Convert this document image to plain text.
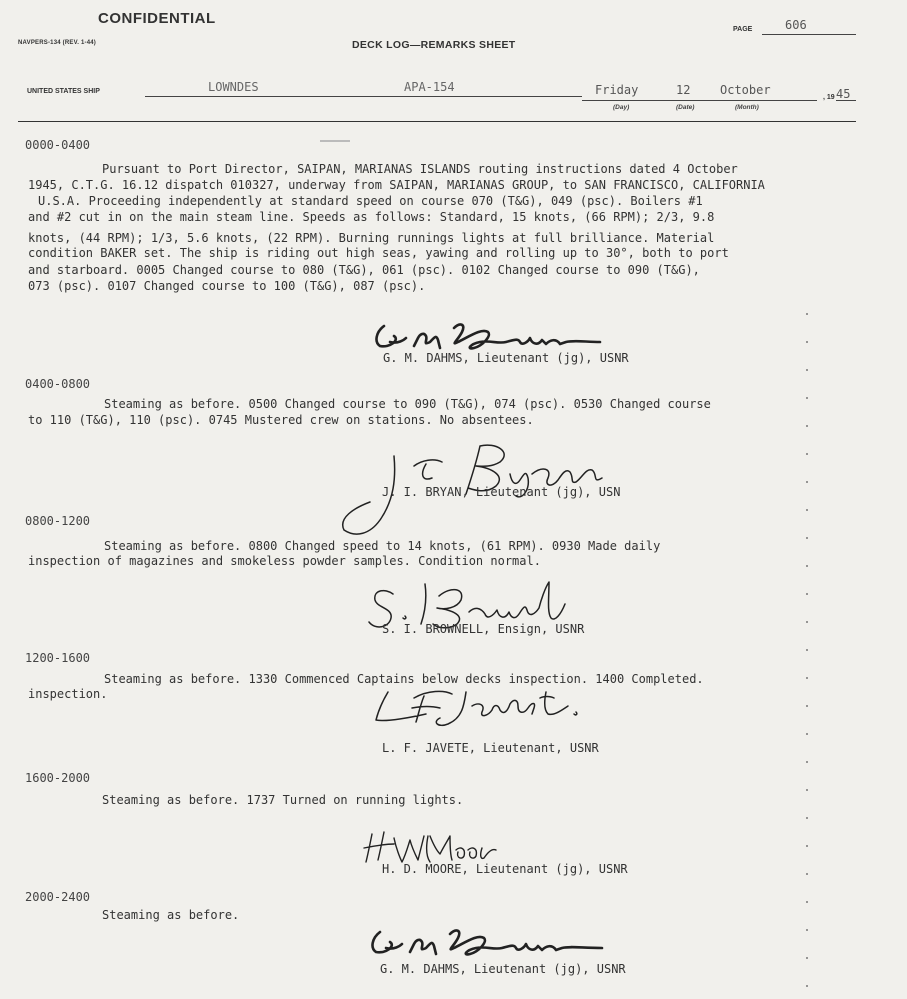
CONFIDENTIAL
NAVPERS-134 (REV. 1-44)	DECK LOG—REMARKS SHEET
PAGE	606
UNITED STATES SHIP	LOWNDES	APA-154	Friday	12 October
, 19 45
(Day)	(Date)	(Month)
0000-0400
Pursuant to Port Director, SAIPAN, MARIANAS ISLANDS routing instructions dated 4 October
1945, C.T.G. 16.12 dispatch 010327, underway from SAIPAN, MARIANAS GROUP, to SAN FRANCISCO, CALIFORNIA
U.S.A. Proceeding independently at standard speed on course 070 (T&G), 049 (psc). Boilers #1
and #2 cut in on the main steam line. Speeds as follows: Standard, 15 knots, (66 RPM); 2/3, 9.8
knots, (44 RPM); 1/3, 5.6 knots, (22 RPM). Burning runnings lights at full brilliance. Material
condition BAKER set. The ship is riding out high seas, yawing and rolling up to 30°, both to port
and starboard. 0005 Changed course to 080 (T&G), 061 (psc). 0102 Changed course to 090 (T&G),
073 (psc). 0107 Changed course to 100 (T&G), 087 (psc).
G. M. DAHMS, Lieutenant (jg), USNR
0400-0800
Steaming as before. 0500 Changed course to 090 (T&G), 074 (psc). 0530 Changed course
to 110 (T&G), 110 (psc). 0745 Mustered crew on stations. No absentees.
J. I. BRYAN, Lieutenant (jg), USN
0800-1200
Steaming as before. 0800 Changed speed to 14 knots, (61 RPM). 0930 Made daily
inspection of magazines and smokeless powder samples. Condition normal.
S. I. BROWNELL, Ensign, USNR
1200-1600
Steaming as before. 1330 Commenced Captains below decks inspection. 1400 Completed.
inspection.
L. F. JAVETE, Lieutenant, USNR
1600-2000
Steaming as before. 1737 Turned on running lights.
H. D. MOORE, Lieutenant (jg), USNR
2000-2400
Steaming as before.
G. M. DAHMS, Lieutenant (jg), USNR
